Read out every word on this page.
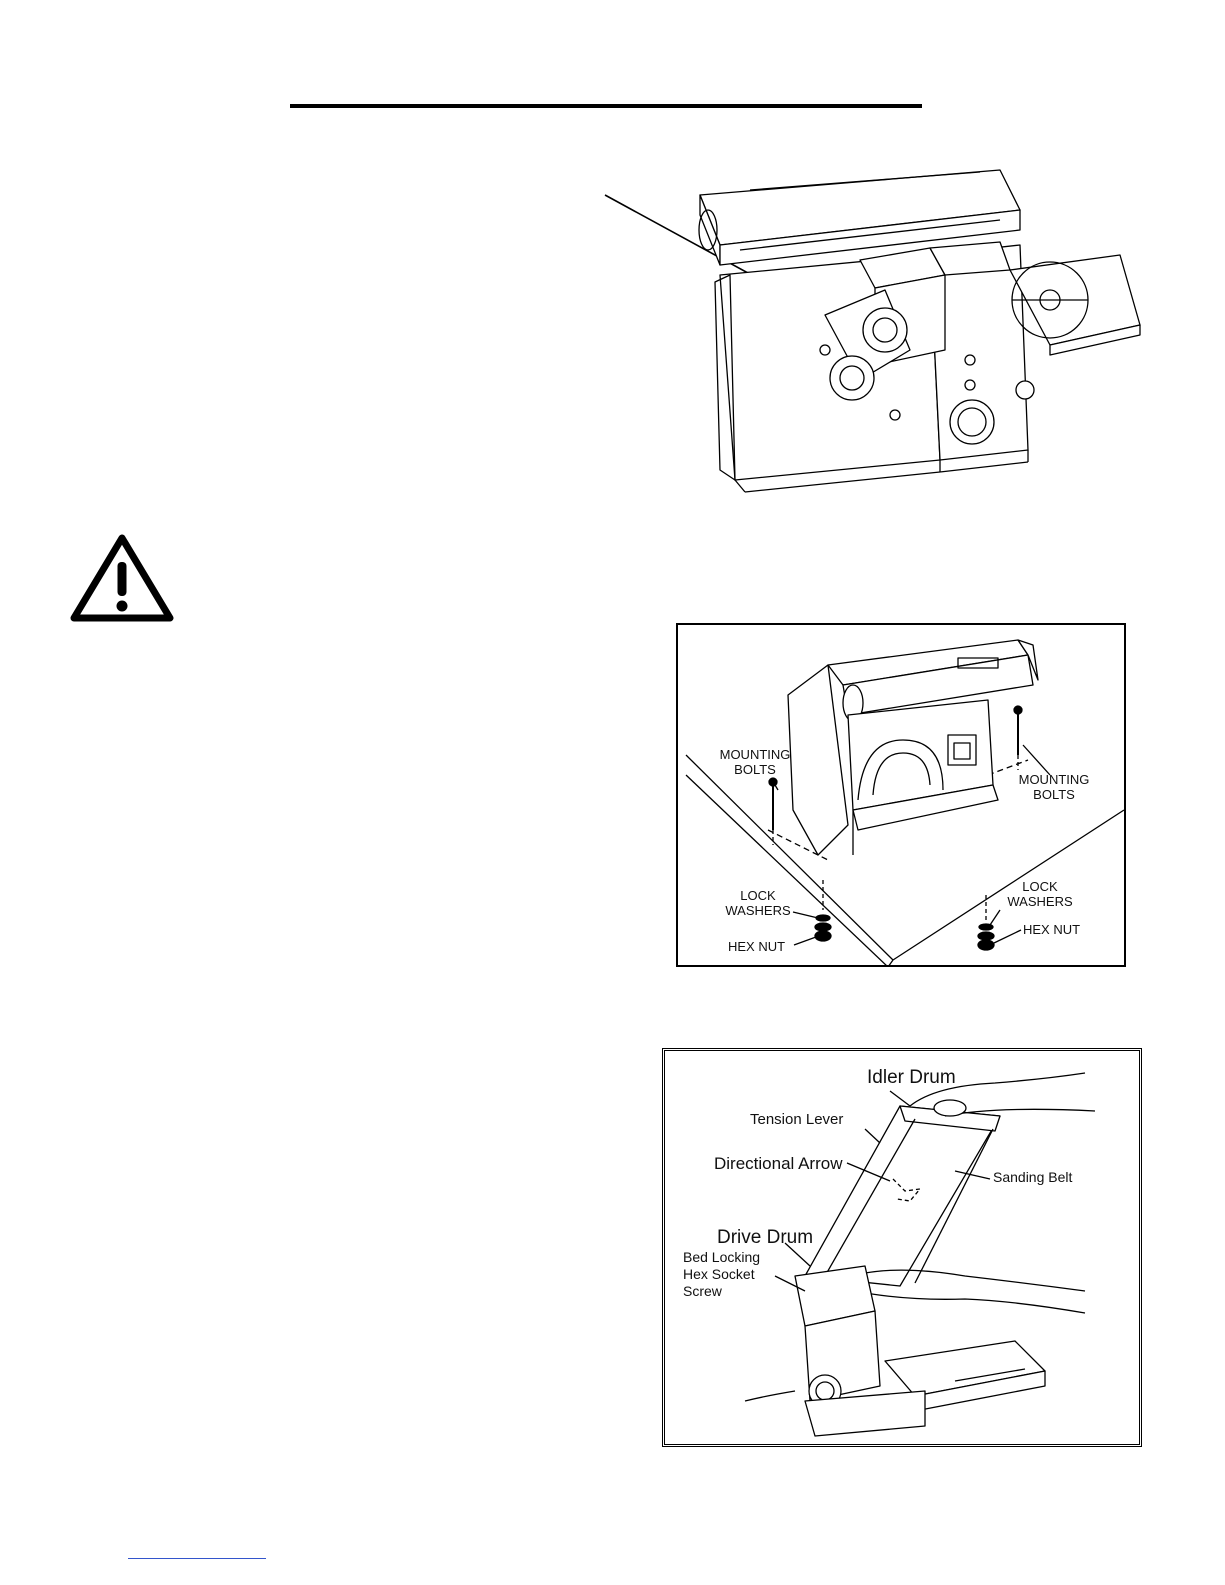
MOUNTING
BOLTS
MOUNTING
BOLTS
LOCK
WASHERS
LOCK
WASHERS
HEX NUT
HEX NUT
Idler Drum
Tension Lever
Directional Arrow
Sanding Belt
Drive Drum
Bed Locking
Hex Socket
Screw
